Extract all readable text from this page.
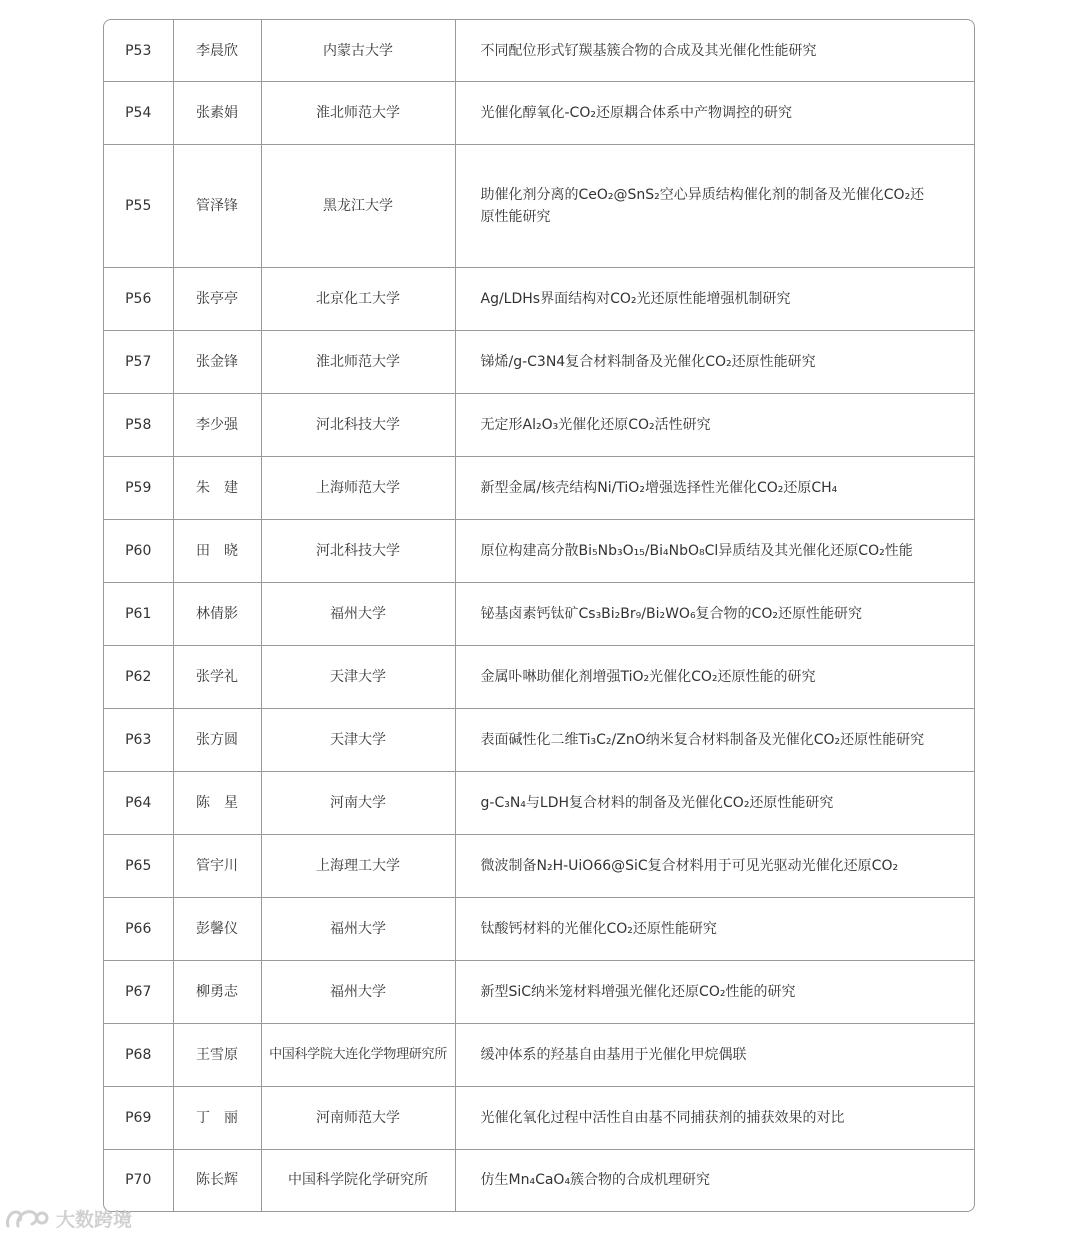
P53	李晨欣	内蒙古大学	不同配位形式钌羰基簇合物的合成及其光催化性能研究
P54	张素娟	淮北师范大学	光催化醇氧化-CO₂还原耦合体系中产物调控的研究
P55	管泽锋	黑龙江大学	助催化剂分离的CeO₂@SnS₂空心异质结构催化剂的制备及光催化CO₂还原性能研究
P56	张亭亭	北京化工大学	Ag/LDHs界面结构对CO₂光还原性能增强机制研究
P57	张金锋	淮北师范大学	锑烯/g-C3N4复合材料制备及光催化CO₂还原性能研究
P58	李少强	河北科技大学	无定形Al₂O₃光催化还原CO₂活性研究
P59	朱　建	上海师范大学	新型金属/核壳结构Ni/TiO₂增强选择性光催化CO₂还原CH₄
P60	田　晓	河北科技大学	原位构建高分散Bi₅Nb₃O₁₅/Bi₄NbO₈Cl异质结及其光催化还原CO₂性能
P61	林倩影	福州大学	铋基卤素钙钛矿Cs₃Bi₂Br₉/Bi₂WO₆复合物的CO₂还原性能研究
P62	张学礼	天津大学	金属卟啉助催化剂增强TiO₂光催化CO₂还原性能的研究
P63	张方圆	天津大学	表面碱性化二维Ti₃C₂/ZnO纳米复合材料制备及光催化CO₂还原性能研究
P64	陈　星	河南大学	g-C₃N₄与LDH复合材料的制备及光催化CO₂还原性能研究
P65	管宇川	上海理工大学	微波制备N₂H-UiO66@SiC复合材料用于可见光驱动光催化还原CO₂
P66	彭馨仪	福州大学	钛酸钙材料的光催化CO₂还原性能研究
P67	柳勇志	福州大学	新型SiC纳米笼材料增强光催化还原CO₂性能的研究
P68	王雪原	中国科学院大连化学物理研究所	缓冲体系的羟基自由基用于光催化甲烷偶联
P69	丁　丽	河南师范大学	光催化氧化过程中活性自由基不同捕获剂的捕获效果的对比
P70	陈长辉	中国科学院化学研究所	仿生Mn₄CaO₄簇合物的合成机理研究
大数跨境
